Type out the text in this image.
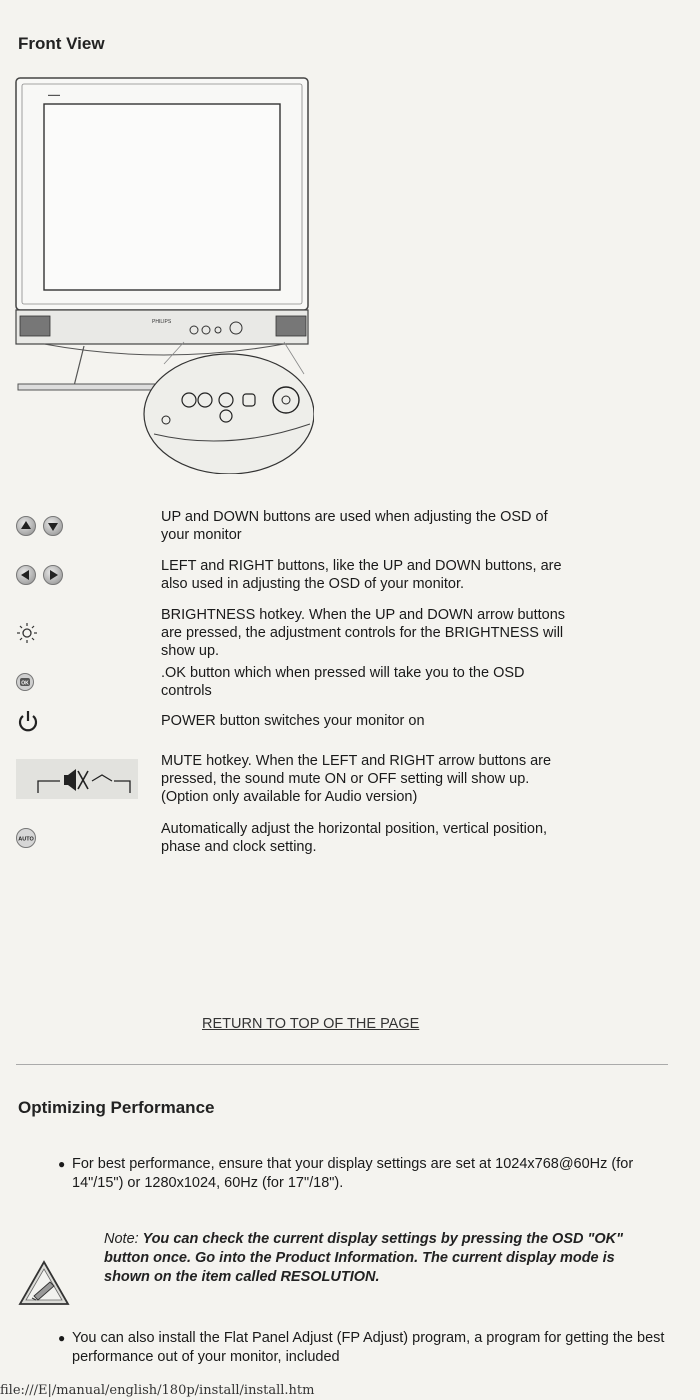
Front View
▬▬▬
PHILIPS

	UP and DOWN buttons are used when adjusting the OSD of your monitor

	LEFT and RIGHT buttons, like the UP and DOWN buttons, are also used in adjusting the OSD of your monitor.
	BRIGHTNESS hotkey. When the UP and DOWN arrow buttons are pressed, the adjustment controls for the BRIGHTNESS will show up.

OK	.OK button which when pressed will take you to the OSD controls
	POWER button switches your monitor on
	MUTE hotkey. When the LEFT and RIGHT arrow buttons are pressed, the sound mute ON or OFF setting will show up. (Option only available for Audio version)

AUTO	Automatically adjust the horizontal position, vertical position, phase and clock setting.
RETURN TO TOP OF THE PAGE
Optimizing Performance
● For best performance, ensure that your display settings are set at 1024x768@60Hz (for 14"/15") or 1280x1024, 60Hz (for 17"/18").
Note: You can check the current display settings by pressing the OSD "OK" button once. Go into the Product Information. The current display mode is shown on the item called RESOLUTION.
● You can also install the Flat Panel Adjust (FP Adjust) program, a program for getting the best performance out of your monitor, included
file:///E|/manual/english/180p/install/install.htm
